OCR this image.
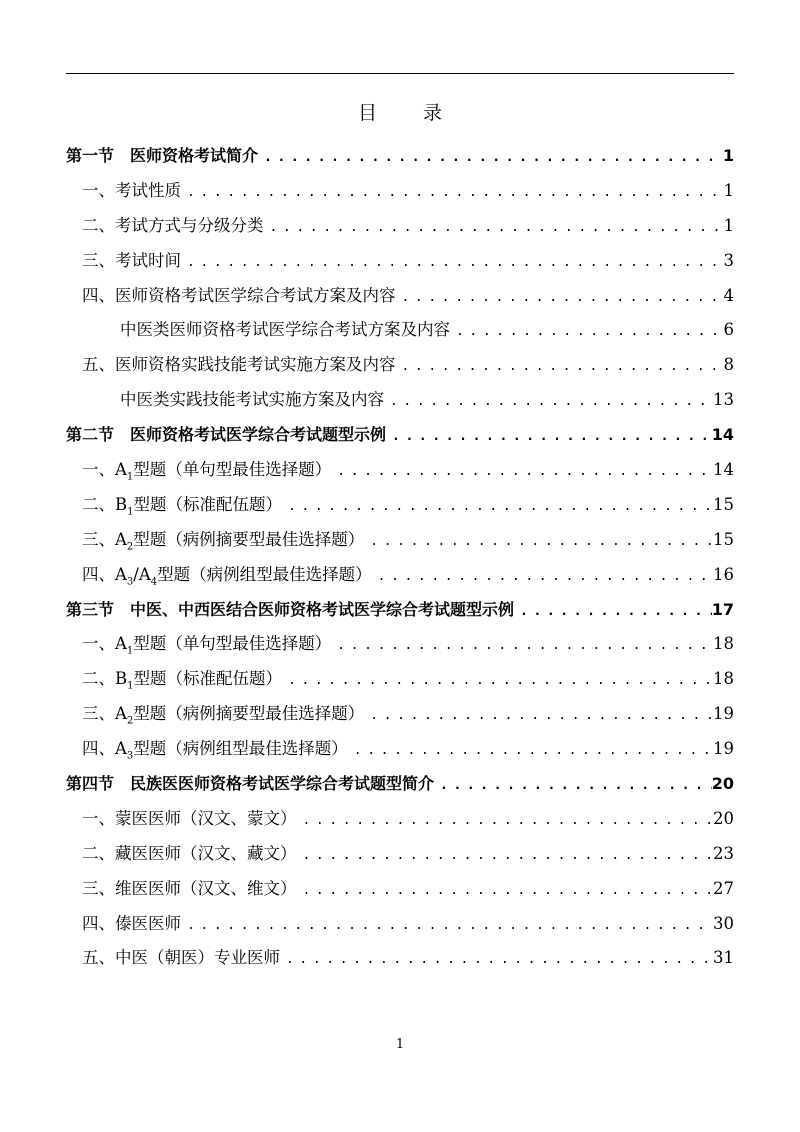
目录
第一节 医师资格考试简介 .....	1
一、考试性质 .....	1
二、考试方式与分级分类 .....	1
三、考试时间 .....	3
四、医师资格考试医学综合考试方案及内容 .....	4
中医类医师资格考试医学综合考试方案及内容 .....	6
五、医师资格实践技能考试实施方案及内容 .....	8
中医类实践技能考试实施方案及内容 .....	13
第二节 医师资格考试医学综合考试题型示例 .....	14
一、$A_1$型题（单句型最佳选择题） .....	14
二、$B_1$型题（标准配伍题） .....	15
三、$A_2$型题（病例摘要型最佳选择题） .....	15
四、$A_3/A_4$型题（病例组型最佳选择题） .....	16
第三节 中医、中西医结合医师资格考试医学综合考试题型示例 .....	17
一、$A_1$型题（单句型最佳选择题） .....	18
二、$B_1$型题（标准配伍题） .....	18
三、$A_2$型题（病例摘要型最佳选择题） .....	19
四、$A_3$型题（病例组型最佳选择题） .....	19
第四节 民族医医师资格考试医学综合考试题型简介 .....	20
一、蒙医医师（汉文、蒙文） .....	20
二、藏医医师（汉文、藏文） .....	23
三、维医医师（汉文、维文） .....	27
四、傣医医师 .....	30
五、中医（朝医）专业医师 .....	31
1
